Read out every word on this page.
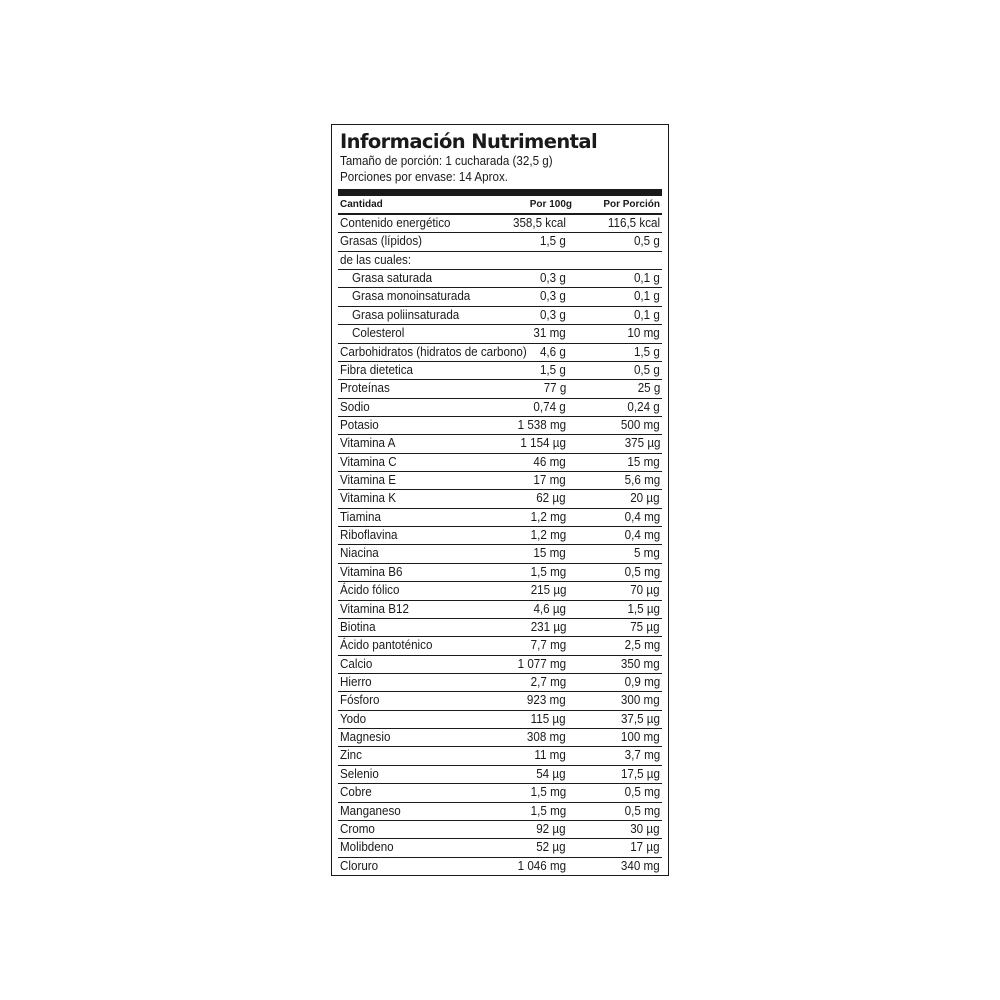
Información Nutrimental
Tamaño de porción: 1 cucharada (32,5 g)
Porciones por envase: 14 Aprox.
Cantidad	Por 100g	Por Porción
Contenido energético	358,5 kcal	116,5 kcal
Grasas (lípidos)	1,5 g	0,5 g
de las cuales:
Grasa saturada	0,3 g	0,1 g
Grasa monoinsaturada	0,3 g	0,1 g
Grasa poliinsaturada	0,3 g	0,1 g
Colesterol	31 mg	10 mg
Carbohidratos (hidratos de carbono) 4,6 g	1,5 g
Fibra dietetica	1,5 g	0,5 g
Proteínas	77 g	25 g
Sodio	0,74 g	0,24 g
Potasio	1 538 mg	500 mg
Vitamina A	1 154 µg	375 µg
Vitamina C	46 mg	15 mg
Vitamina E	17 mg	5,6 mg
Vitamina K	62 µg	20 µg
Tiamina	1,2 mg	0,4 mg
Riboflavina	1,2 mg	0,4 mg
Niacina	15 mg	5 mg
Vitamina B6	1,5 mg	0,5 mg
Ácido fólico	215 µg	70 µg
Vitamina B12	4,6 µg	1,5 µg
Biotina	231 µg	75 µg
Ácido pantoténico	7,7 mg	2,5 mg
Calcio	1 077 mg	350 mg
Hierro	2,7 mg	0,9 mg
Fósforo	923 mg	300 mg
Yodo	115 µg	37,5 µg
Magnesio	308 mg	100 mg
Zinc	11 mg	3,7 mg
Selenio	54 µg	17,5 µg
Cobre	1,5 mg	0,5 mg
Manganeso	1,5 mg	0,5 mg
Cromo	92 µg	30 µg
Molibdeno	52 µg	17 µg
Cloruro	1 046 mg	340 mg
